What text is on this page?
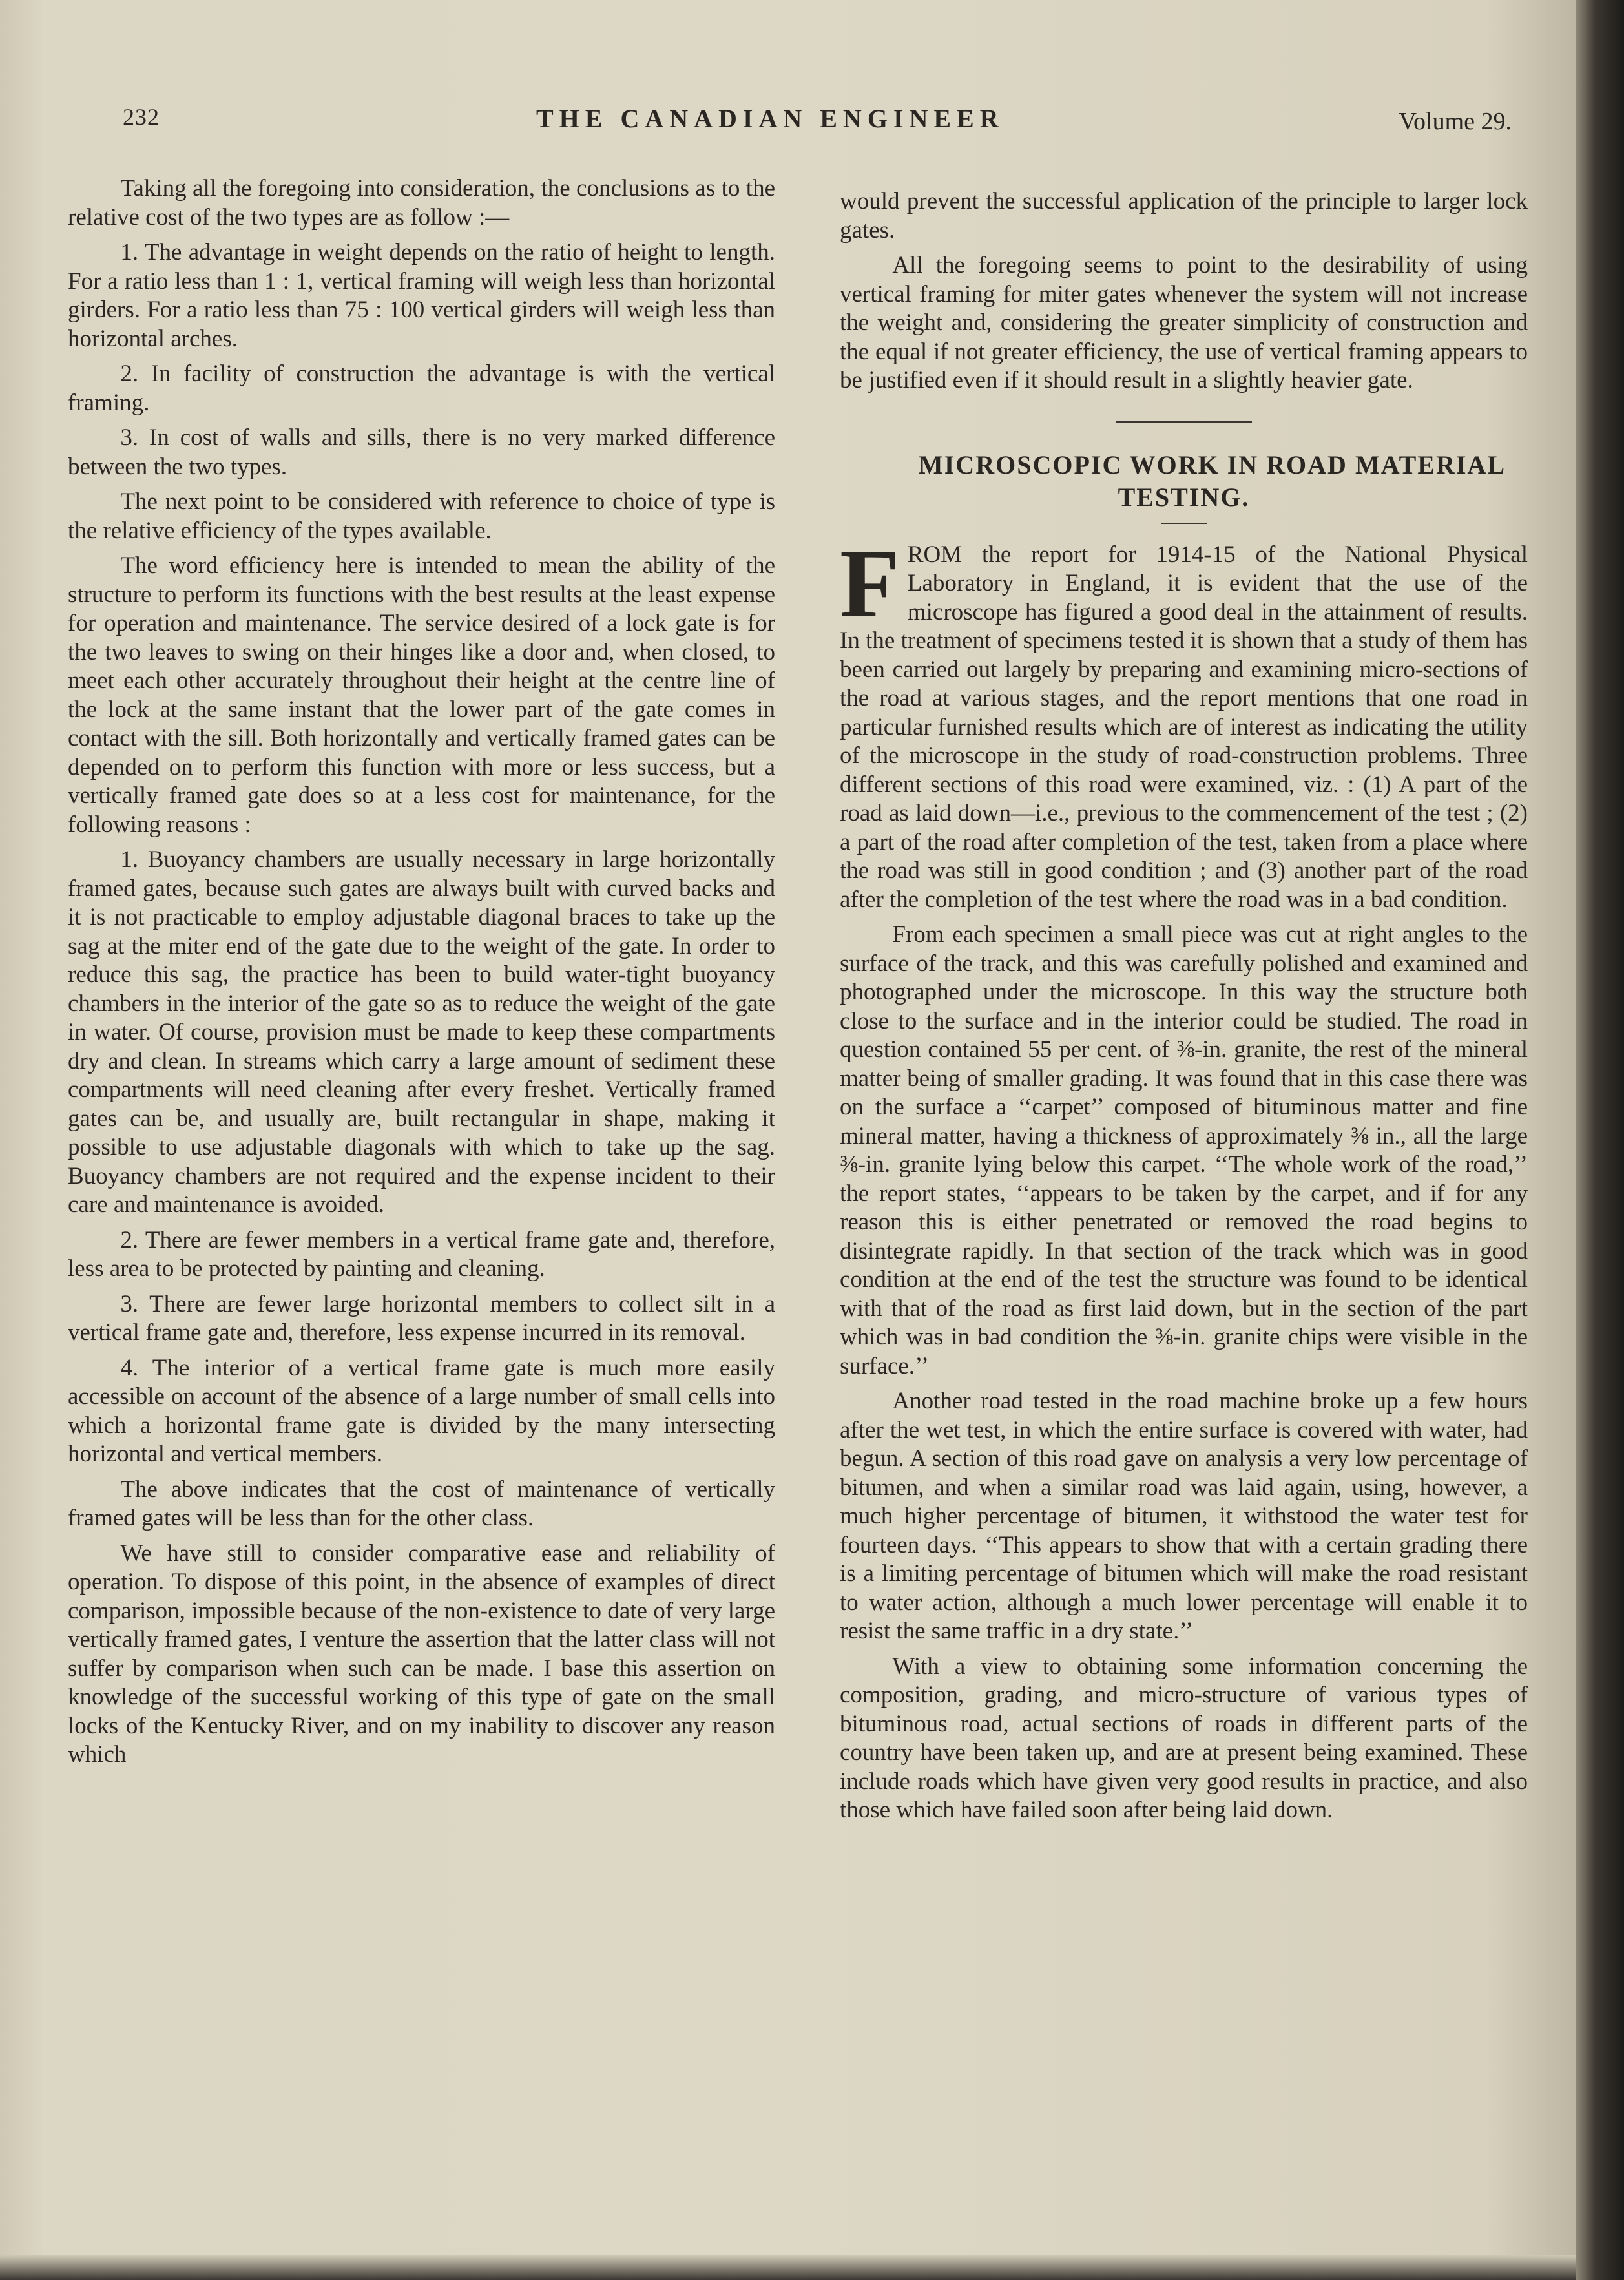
232	THE CANADIAN ENGINEER	Volume 29.

Taking all the foregoing into consideration, the conclusions as to the relative cost of the two types are as follow :—

1. The advantage in weight depends on the ratio of height to length. For a ratio less than 1 : 1, vertical framing will weigh less than horizontal girders. For a ratio less than 75 : 100 vertical girders will weigh less than horizontal arches.

2. In facility of construction the advantage is with the vertical framing.

3. In cost of walls and sills, there is no very marked difference between the two types.

The next point to be considered with reference to choice of type is the relative efficiency of the types available.

The word efficiency here is intended to mean the ability of the structure to perform its functions with the best results at the least expense for operation and maintenance. The service desired of a lock gate is for the two leaves to swing on their hinges like a door and, when closed, to meet each other accurately throughout their height at the centre line of the lock at the same instant that the lower part of the gate comes in contact with the sill. Both horizontally and vertically framed gates can be depended on to perform this function with more or less success, but a vertically framed gate does so at a less cost for maintenance, for the following reasons :

1. Buoyancy chambers are usually necessary in large horizontally framed gates, because such gates are always built with curved backs and it is not practicable to employ adjustable diagonal braces to take up the sag at the miter end of the gate due to the weight of the gate. In order to reduce this sag, the practice has been to build water-tight buoyancy chambers in the interior of the gate so as to reduce the weight of the gate in water. Of course, provision must be made to keep these compartments dry and clean. In streams which carry a large amount of sediment these compartments will need cleaning after every freshet. Vertically framed gates can be, and usually are, built rectangular in shape, making it possible to use adjustable diagonals with which to take up the sag. Buoyancy chambers are not required and the expense incident to their care and maintenance is avoided.

2. There are fewer members in a vertical frame gate and, therefore, less area to be protected by painting and cleaning.

3. There are fewer large horizontal members to collect silt in a vertical frame gate and, therefore, less expense incurred in its removal.

4. The interior of a vertical frame gate is much more easily accessible on account of the absence of a large number of small cells into which a horizontal frame gate is divided by the many intersecting horizontal and vertical members.

The above indicates that the cost of maintenance of vertically framed gates will be less than for the other class.

We have still to consider comparative ease and reliability of operation. To dispose of this point, in the absence of examples of direct comparison, impossible because of the non-existence to date of very large vertically framed gates, I venture the assertion that the latter class will not suffer by comparison when such can be made. I base this assertion on knowledge of the successful working of this type of gate on the small locks of the Kentucky River, and on my inability to discover any reason which

would prevent the successful application of the principle to larger lock gates.

All the foregoing seems to point to the desirability of using vertical framing for miter gates whenever the system will not increase the weight and, considering the greater simplicity of construction and the equal if not greater efficiency, the use of vertical framing appears to be justified even if it should result in a slightly heavier gate.

MICROSCOPIC WORK IN ROAD MATERIAL TESTING.

FROM the report for 1914-15 of the National Physical Laboratory in England, it is evident that the use of the microscope has figured a good deal in the attainment of results. In the treatment of specimens tested it is shown that a study of them has been carried out largely by preparing and examining micro-sections of the road at various stages, and the report mentions that one road in particular furnished results which are of interest as indicating the utility of the microscope in the study of road-construction problems. Three different sections of this road were examined, viz. : (1) A part of the road as laid down—i.e., previous to the commencement of the test ; (2) a part of the road after completion of the test, taken from a place where the road was still in good condition ; and (3) another part of the road after the completion of the test where the road was in a bad condition.

From each specimen a small piece was cut at right angles to the surface of the track, and this was carefully polished and examined and photographed under the microscope. In this way the structure both close to the surface and in the interior could be studied. The road in question contained 55 per cent. of ⅜-in. granite, the rest of the mineral matter being of smaller grading. It was found that in this case there was on the surface a ‘‘carpet’’ composed of bituminous matter and fine mineral matter, having a thickness of approximately ⅜ in., all the large ⅜-in. granite lying below this carpet. ‘‘The whole work of the road,’’ the report states, ‘‘appears to be taken by the carpet, and if for any reason this is either penetrated or removed the road begins to disintegrate rapidly. In that section of the track which was in good condition at the end of the test the structure was found to be identical with that of the road as first laid down, but in the section of the part which was in bad condition the ⅜-in. granite chips were visible in the surface.’’

Another road tested in the road machine broke up a few hours after the wet test, in which the entire surface is covered with water, had begun. A section of this road gave on analysis a very low percentage of bitumen, and when a similar road was laid again, using, however, a much higher percentage of bitumen, it withstood the water test for fourteen days. ‘‘This appears to show that with a certain grading there is a limiting percentage of bitumen which will make the road resistant to water action, although a much lower percentage will enable it to resist the same traffic in a dry state.’’

With a view to obtaining some information concerning the composition, grading, and micro-structure of various types of bituminous road, actual sections of roads in different parts of the country have been taken up, and are at present being examined. These include roads which have given very good results in practice, and also those which have failed soon after being laid down.
